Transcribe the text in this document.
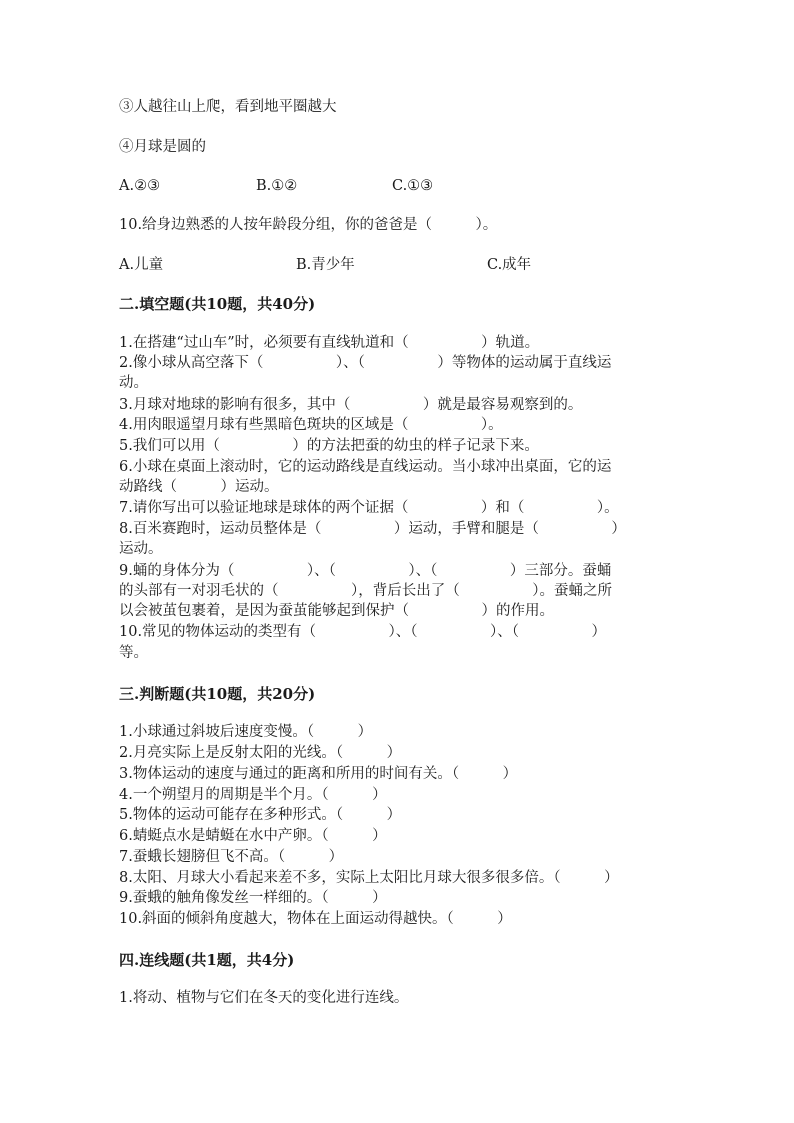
③人越往山上爬，看到地平圈越大
④月球是圆的
A.②③	B.①②	C.①③
10.给身边熟悉的人按年龄段分组，你的爸爸是（　　　）。
A.儿童	B.青少年	C.成年
二.填空题(共10题，共40分)
1.在搭建“过山车”时，必须要有直线轨道和（　　　　　）轨道。
2.像小球从高空落下（　　　　　）、（　　　　　）等物体的运动属于直线运
动。
3.月球对地球的影响有很多，其中（　　　　　）就是最容易观察到的。
4.用肉眼遥望月球有些黑暗色斑块的区域是（　　　　　）。
5.我们可以用（　　　　　）的方法把蚕的幼虫的样子记录下来。
6.小球在桌面上滚动时，它的运动路线是直线运动。当小球冲出桌面，它的运
动路线（　　　）运动。
7.请你写出可以验证地球是球体的两个证据（　　　　　）和（　　　　　）。
8.百米赛跑时，运动员整体是（　　　　　）运动，手臂和腿是（　　　　　）
运动。
9.蛹的身体分为（　　　　　）、（　　　　　）、（　　　　　）三部分。蚕蛹
的头部有一对羽毛状的（　　　　　），背后长出了（　　　　　）。蚕蛹之所
以会被茧包裹着，是因为蚕茧能够起到保护（　　　　　）的作用。
10.常见的物体运动的类型有（　　　　　）、（　　　　　）、（　　　　　）
等。
三.判断题(共10题，共20分)
1.小球通过斜坡后速度变慢。（　　　）
2.月亮实际上是反射太阳的光线。（　　　）
3.物体运动的速度与通过的距离和所用的时间有关。（　　　）
4.一个朔望月的周期是半个月。（　　　）
5.物体的运动可能存在多种形式。（　　　）
6.蜻蜓点水是蜻蜓在水中产卵。（　　　）
7.蚕蛾长翅膀但飞不高。（　　　）
8.太阳、月球大小看起来差不多，实际上太阳比月球大很多很多倍。（　　　）
9.蚕蛾的触角像发丝一样细的。（　　　）
10.斜面的倾斜角度越大，物体在上面运动得越快。（　　　）
四.连线题(共1题，共4分)
1.将动、植物与它们在冬天的变化进行连线。
